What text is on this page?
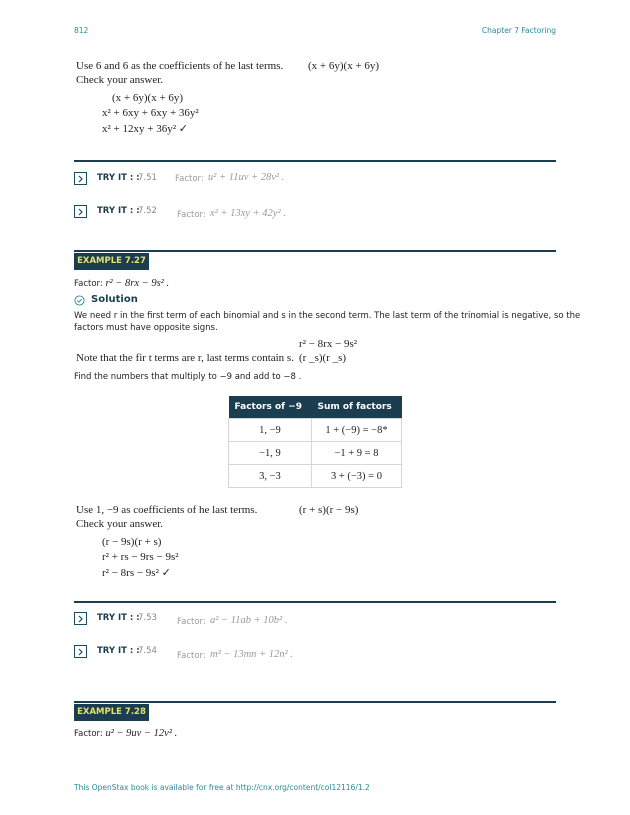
812	Chapter 7 Factoring
Use 6 and 6 as the coefficients of he last terms. (x + 6y)(x + 6y)
Check your answer.
(x + 6y)(x + 6y)
x² + 6xy + 6xy + 36y²
x² + 12xy + 36y² ✓
TRY IT : :
7.51 Factor: u² + 11uv + 28v² .
TRY IT : :
7.52 Factor: x² + 13xy + 42y² .
EXAMPLE 7.27
Factor: r² − 8rx − 9s² .
Solution
We need r in the first term of each binomial and s in the second term. The last term of the trinomial is negative, so the
factors must have opposite signs.
r² − 8rx − 9s²
Note that the fir t terms are r, last terms contain s. (r _s)(r _s)
Find the numbers that multiply to −9 and add to −8 .
Factors of −9	Sum of factors
1, −9	1 + (−9) = −8*
−1, 9	−1 + 9 = 8
3, −3	3 + (−3) = 0
Use 1, −9 as coefficients of he last terms.	(r + s)(r − 9s)
Check your answer.
(r − 9s)(r + s)
r² + rs − 9rs − 9s²
r² − 8rs − 9s² ✓
TRY IT : :
7.53 Factor: a² − 11ab + 10b² .
TRY IT : :
7.54 Factor: m² − 13mn + 12n² .
EXAMPLE 7.28
Factor: u² − 9uv − 12v² .
This OpenStax book is available for free at http://cnx.org/content/col12116/1.2
